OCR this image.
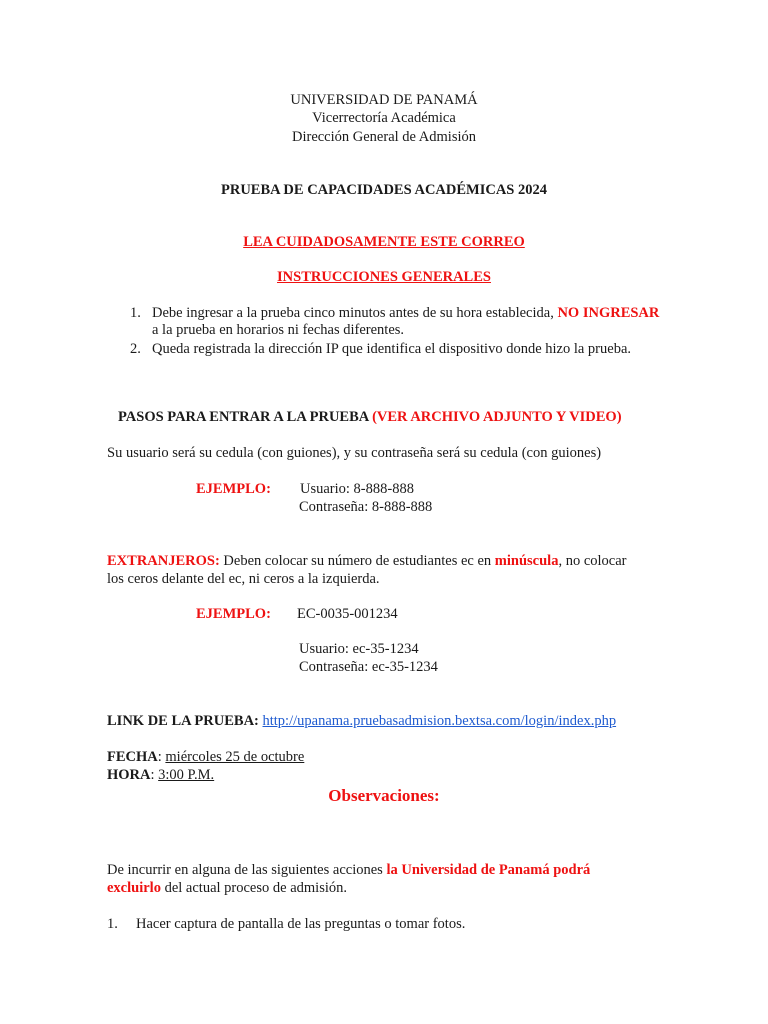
UNIVERSIDAD DE PANAMÁ
Vicerrectoría Académica
Dirección General de Admisión
PRUEBA DE CAPACIDADES ACADÉMICAS 2024
LEA CUIDADOSAMENTE ESTE CORREO
INSTRUCCIONES GENERALES
1. Debe ingresar a la prueba cinco minutos antes de su hora establecida, NO INGRESAR
a la prueba en horarios ni fechas diferentes.
2. Queda registrada la dirección IP que identifica el dispositivo donde hizo la prueba.
PASOS PARA ENTRAR A LA PRUEBA (VER ARCHIVO ADJUNTO Y VIDEO)
Su usuario será su cedula (con guiones), y su contraseña será su cedula (con guiones)
EJEMPLO: Usuario: 8-888-888
Contraseña: 8-888-888
EXTRANJEROS: Deben colocar su número de estudiantes ec en minúscula, no colocar
los ceros delante del ec, ni ceros a la izquierda.
EJEMPLO: EC-0035-001234
Usuario: ec-35-1234
Contraseña: ec-35-1234
LINK DE LA PRUEBA: http://upanama.pruebasadmision.bextsa.com/login/index.php
FECHA: miércoles 25 de octubre
HORA: 3:00 P.M.
Observaciones:
De incurrir en alguna de las siguientes acciones la Universidad de Panamá podrá
excluirlo del actual proceso de admisión.
1. Hacer captura de pantalla de las preguntas o tomar fotos.
